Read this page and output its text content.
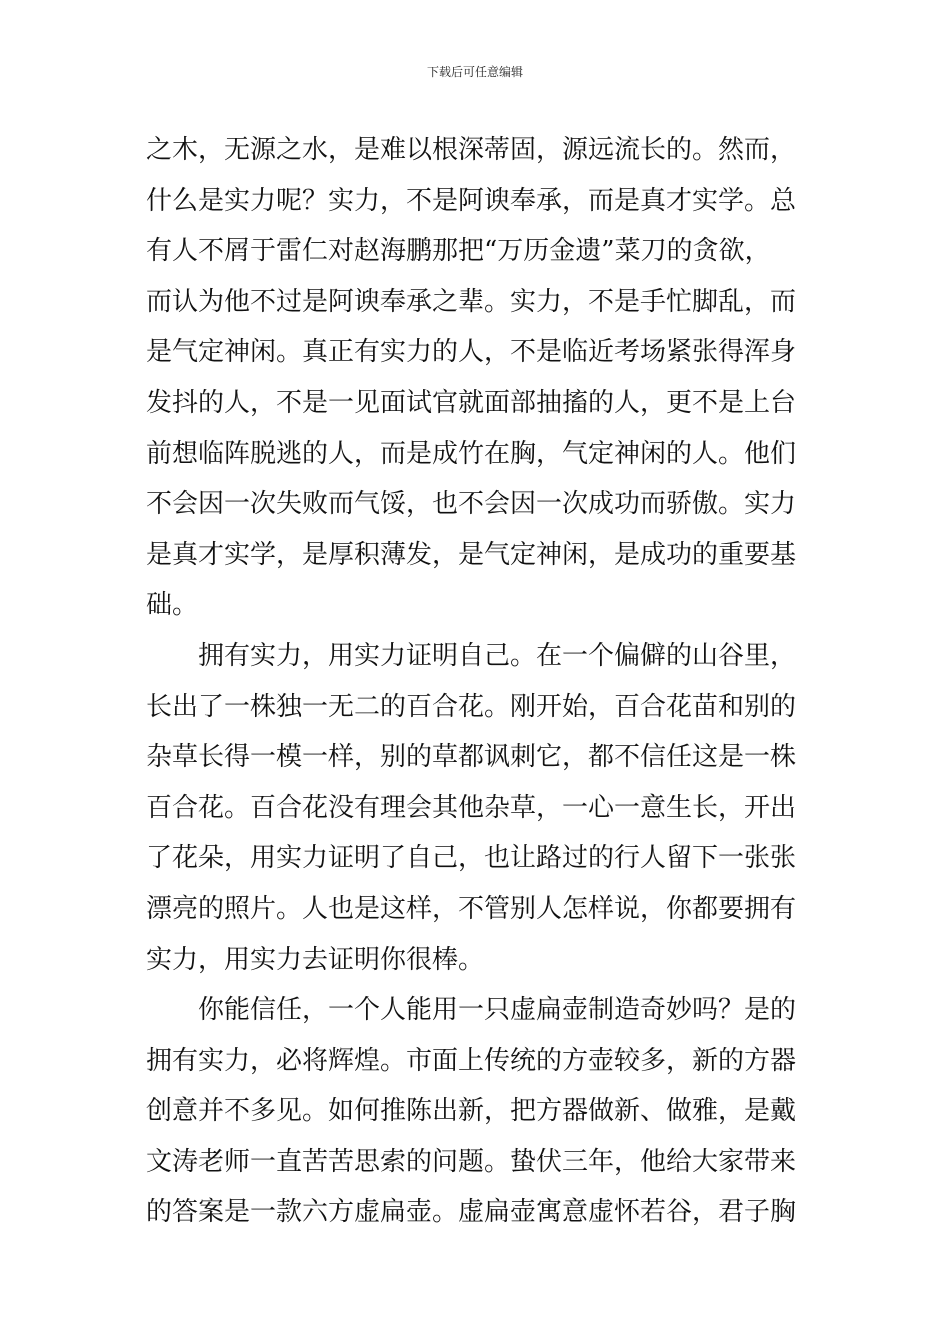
下载后可任意编辑
之木，无源之水，是难以根深蒂固，源远流长的。然而，
什么是实力呢？实力，不是阿谀奉承，而是真才实学。总
有人不屑于雷仁对赵海鹏那把“万历金遗”菜刀的贪欲，
而认为他不过是阿谀奉承之辈。实力，不是手忙脚乱，而
是气定神闲。真正有实力的人，不是临近考场紧张得浑身
发抖的人，不是一见面试官就面部抽搐的人，更不是上台
前想临阵脱逃的人，而是成竹在胸，气定神闲的人。他们
不会因一次失败而气馁，也不会因一次成功而骄傲。实力
是真才实学，是厚积薄发，是气定神闲，是成功的重要基
础。
　　拥有实力，用实力证明自己。在一个偏僻的山谷里，
长出了一株独一无二的百合花。刚开始，百合花苗和别的
杂草长得一模一样，别的草都讽刺它，都不信任这是一株
百合花。百合花没有理会其他杂草，一心一意生长，开出
了花朵，用实力证明了自己，也让路过的行人留下一张张
漂亮的照片。人也是这样，不管别人怎样说，你都要拥有
实力，用实力去证明你很棒。
　　你能信任，一个人能用一只虚扁壶制造奇妙吗？是的
拥有实力，必将辉煌。市面上传统的方壶较多，新的方器
创意并不多见。如何推陈出新，把方器做新、做雅，是戴
文涛老师一直苦苦思索的问题。蛰伏三年，他给大家带来
的答案是一款六方虚扁壶。虚扁壶寓意虚怀若谷，君子胸
